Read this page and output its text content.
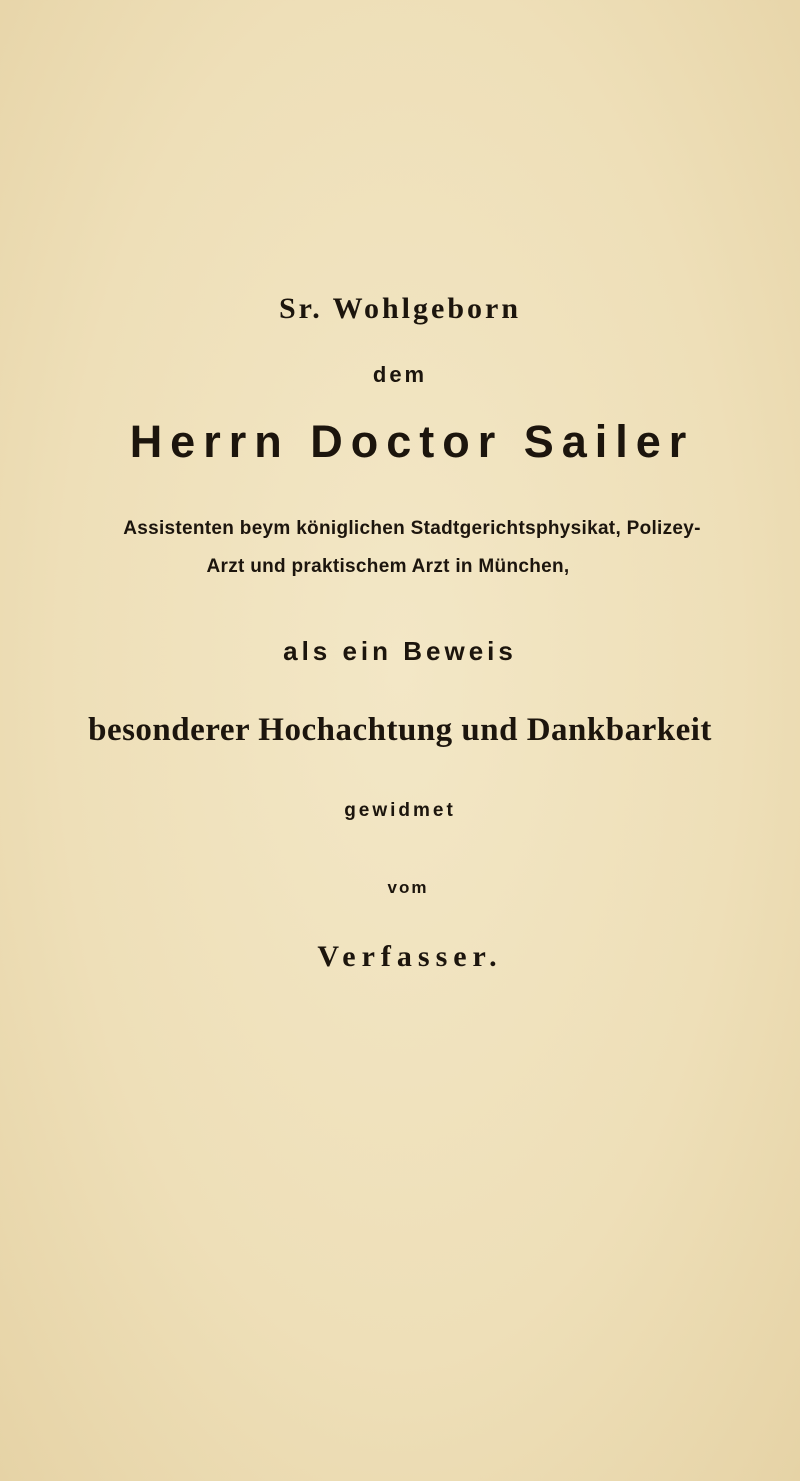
Sr. Wohlgeborn
dem
Herrn Doctor Sailer
Assistenten beym königlichen Stadtgerichtsphysikat, Polizey-
Arzt und praktischem Arzt in München,
als ein Beweis
besonderer Hochachtung und Dankbarkeit
gewidmet
vom
Verfasser.
